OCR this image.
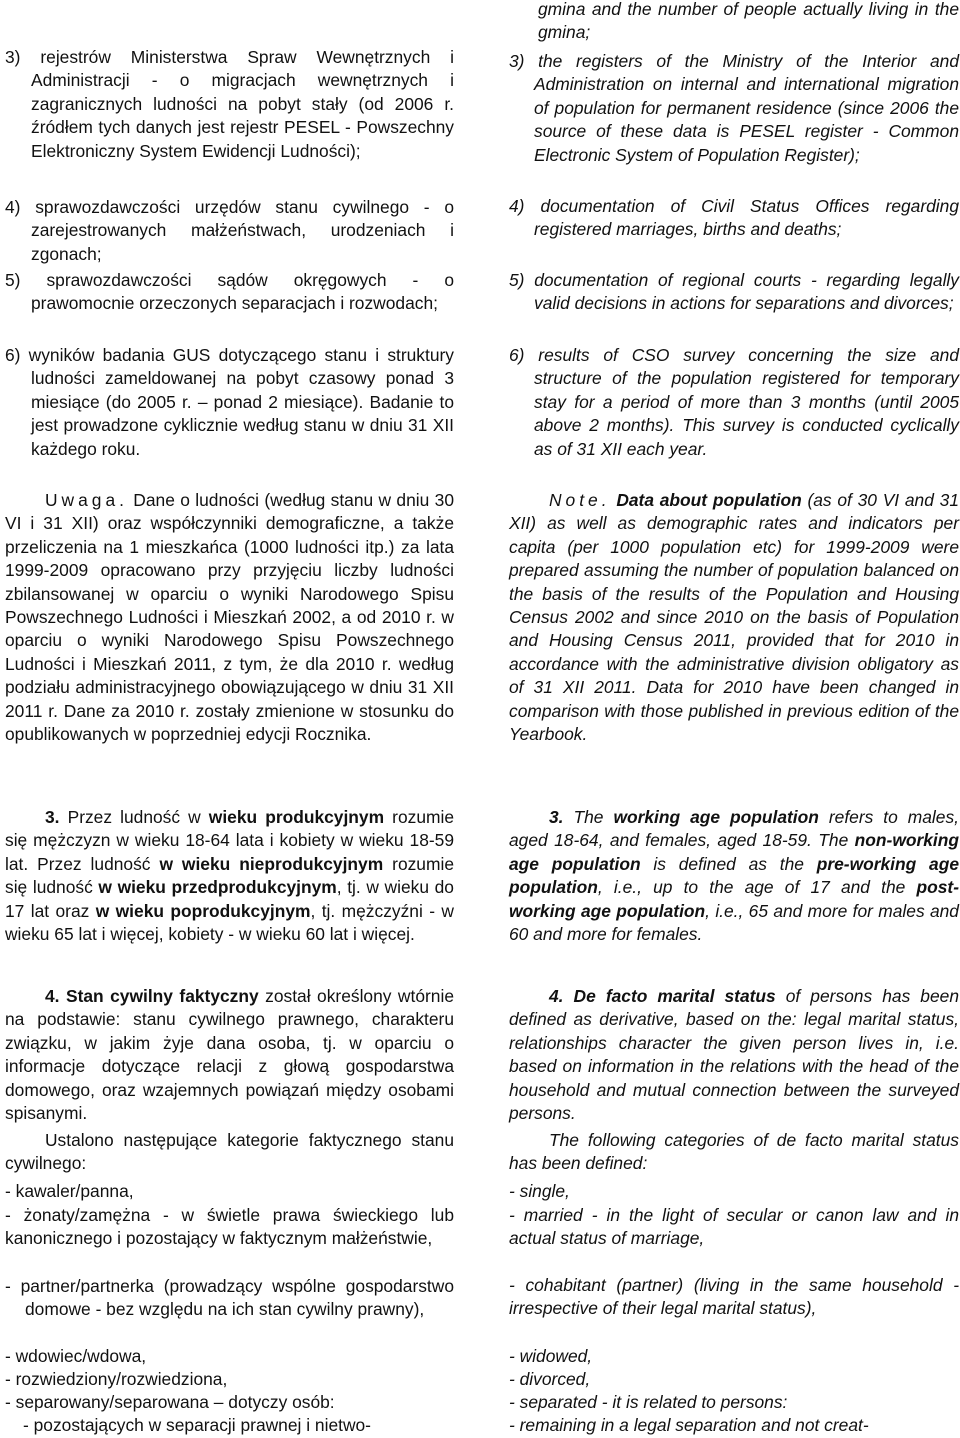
3) rejestrów Ministerstwa Spraw Wewnętrznych i Administracji - o migracjach wewnętrznych i zagranicznych ludności na pobyt stały (od 2006 r. źródłem tych danych jest rejestr PESEL - Powszechny Elektroniczny System Ewidencji Ludności);
4) sprawozdawczości urzędów stanu cywilnego - o zarejestrowanych małżeństwach, urodzeniach i zgonach;
5) sprawozdawczości sądów okręgowych - o prawomocnie orzeczonych separacjach i rozwodach;
6) wyników badania GUS dotyczącego stanu i struktury ludności zameldowanej na pobyt czasowy ponad 3 miesiące (do 2005 r. – ponad 2 miesiące). Badanie to jest prowadzone cyklicznie według stanu w dniu 31 XII każdego roku.
Uwaga. Dane o ludności (według stanu w dniu 30 VI i 31 XII) oraz współczynniki demograficzne, a także przeliczenia na 1 mieszkańca (1000 ludności itp.) za lata 1999-2009 opracowano przy przyjęciu liczby ludności zbilansowanej w oparciu o wyniki Narodowego Spisu Powszechnego Ludności i Mieszkań 2002, a od 2010 r. w oparciu o wyniki Narodowego Spisu Powszechnego Ludności i Mieszkań 2011, z tym, że dla 2010 r. według podziału administracyjnego obowiązującego w dniu 31 XII 2011 r. Dane za 2010 r. zostały zmienione w stosunku do opublikowanych w poprzedniej edycji Rocznika.
3. Przez ludność w wieku produkcyjnym rozumie się mężczyzn w wieku 18-64 lata i kobiety w wieku 18-59 lat. Przez ludność w wieku nieprodukcyjnym rozumie się ludność w wieku przedprodukcyjnym, tj. w wieku do 17 lat oraz w wieku poprodukcyjnym, tj. mężczyźni - w wieku 65 lat i więcej, kobiety - w wieku 60 lat i więcej.
4. Stan cywilny faktyczny został określony wtórnie na podstawie: stanu cywilnego prawnego, charakteru związku, w jakim żyje dana osoba, tj. w oparciu o informacje dotyczące relacji z głową gospodarstwa domowego, oraz wzajemnych powiązań między osobami spisanymi.
Ustalono następujące kategorie faktycznego stanu cywilnego:
- kawaler/panna,
- żonaty/zamężna - w świetle prawa świeckiego lub kanonicznego i pozostający w faktycznym małżeństwie,
- partner/partnerka (prowadzący wspólne gospodarstwo domowe - bez względu na ich stan cywilny prawny),
- wdowiec/wdowa,
- rozwiedziony/rozwiedziona,
- separowany/separowana – dotyczy osób:
- pozostających w separacji prawnej i nietwo-
gmina and the number of people actually living in the gmina;
3) the registers of the Ministry of the Interior and Administration on internal and international migration of population for permanent residence (since 2006 the source of these data is PESEL register - Common Electronic System of Population Register);
4) documentation of Civil Status Offices regarding registered marriages, births and deaths;
5) documentation of regional courts - regarding legally valid decisions in actions for separations and divorces;
6) results of CSO survey concerning the size and structure of the population registered for temporary stay for a period of more than 3 months (until 2005 above 2 months). This survey is conducted cyclically as of 31 XII each year.
Note. Data about population (as of 30 VI and 31 XII) as well as demographic rates and indicators per capita (per 1000 population etc) for 1999-2009 were prepared assuming the number of population balanced on the basis of the results of the Population and Housing Census 2002 and since 2010 on the basis of Population and Housing Census 2011, provided that for 2010 in accordance with the administrative division obligatory as of 31 XII 2011. Data for 2010 have been changed in comparison with those published in previous edition of the Yearbook.
3. The working age population refers to males, aged 18-64, and females, aged 18-59. The non-working age population is defined as the pre-working age population, i.e., up to the age of 17 and the post-working age population, i.e., 65 and more for males and 60 and more for females.
4. De facto marital status of persons has been defined as derivative, based on the: legal marital status, relationships character the given person lives in, i.e. based on information in the relations with the head of the household and mutual connection between the surveyed persons.
The following categories of de facto marital status has been defined:
- single,
- married - in the light of secular or canon law and in actual status of marriage,
- cohabitant (partner) (living in the same household - irrespective of their legal marital status),
- widowed,
- divorced,
- separated - it is related to persons:
- remaining in a legal separation and not creat-
